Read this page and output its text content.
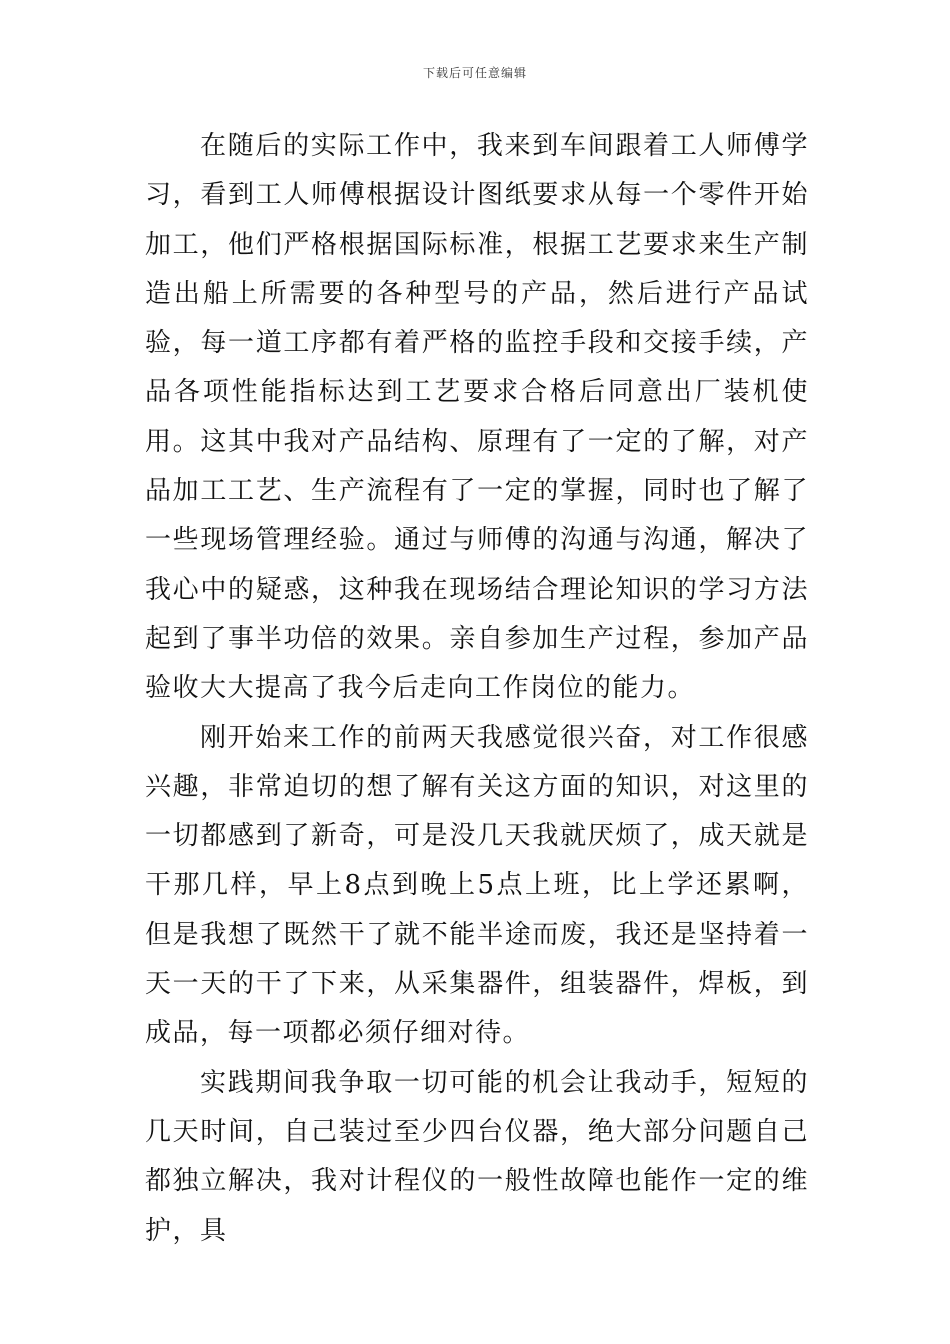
下载后可任意编辑

在随后的实际工作中，我来到车间跟着工人师傅学习，看到工人师傅根据设计图纸要求从每一个零件开始加工，他们严格根据国际标准，根据工艺要求来生产制造出船上所需要的各种型号的产品，然后进行产品试验，每一道工序都有着严格的监控手段和交接手续，产品各项性能指标达到工艺要求合格后同意出厂装机使用。这其中我对产品结构、原理有了一定的了解，对产品加工工艺、生产流程有了一定的掌握，同时也了解了一些现场管理经验。通过与师傅的沟通与沟通，解决了我心中的疑惑，这种我在现场结合理论知识的学习方法起到了事半功倍的效果。亲自参加生产过程，参加产品验收大大提高了我今后走向工作岗位的能力。

刚开始来工作的前两天我感觉很兴奋，对工作很感兴趣，非常迫切的想了解有关这方面的知识，对这里的一切都感到了新奇，可是没几天我就厌烦了，成天就是干那几样，早上8点到晚上5点上班，比上学还累啊，但是我想了既然干了就不能半途而废，我还是坚持着一天一天的干了下来，从采集器件，组装器件，焊板，到成品，每一项都必须仔细对待。

实践期间我争取一切可能的机会让我动手，短短的几天时间，自己装过至少四台仪器，绝大部分问题自己都独立解决，我对计程仪的一般性故障也能作一定的维护，具
